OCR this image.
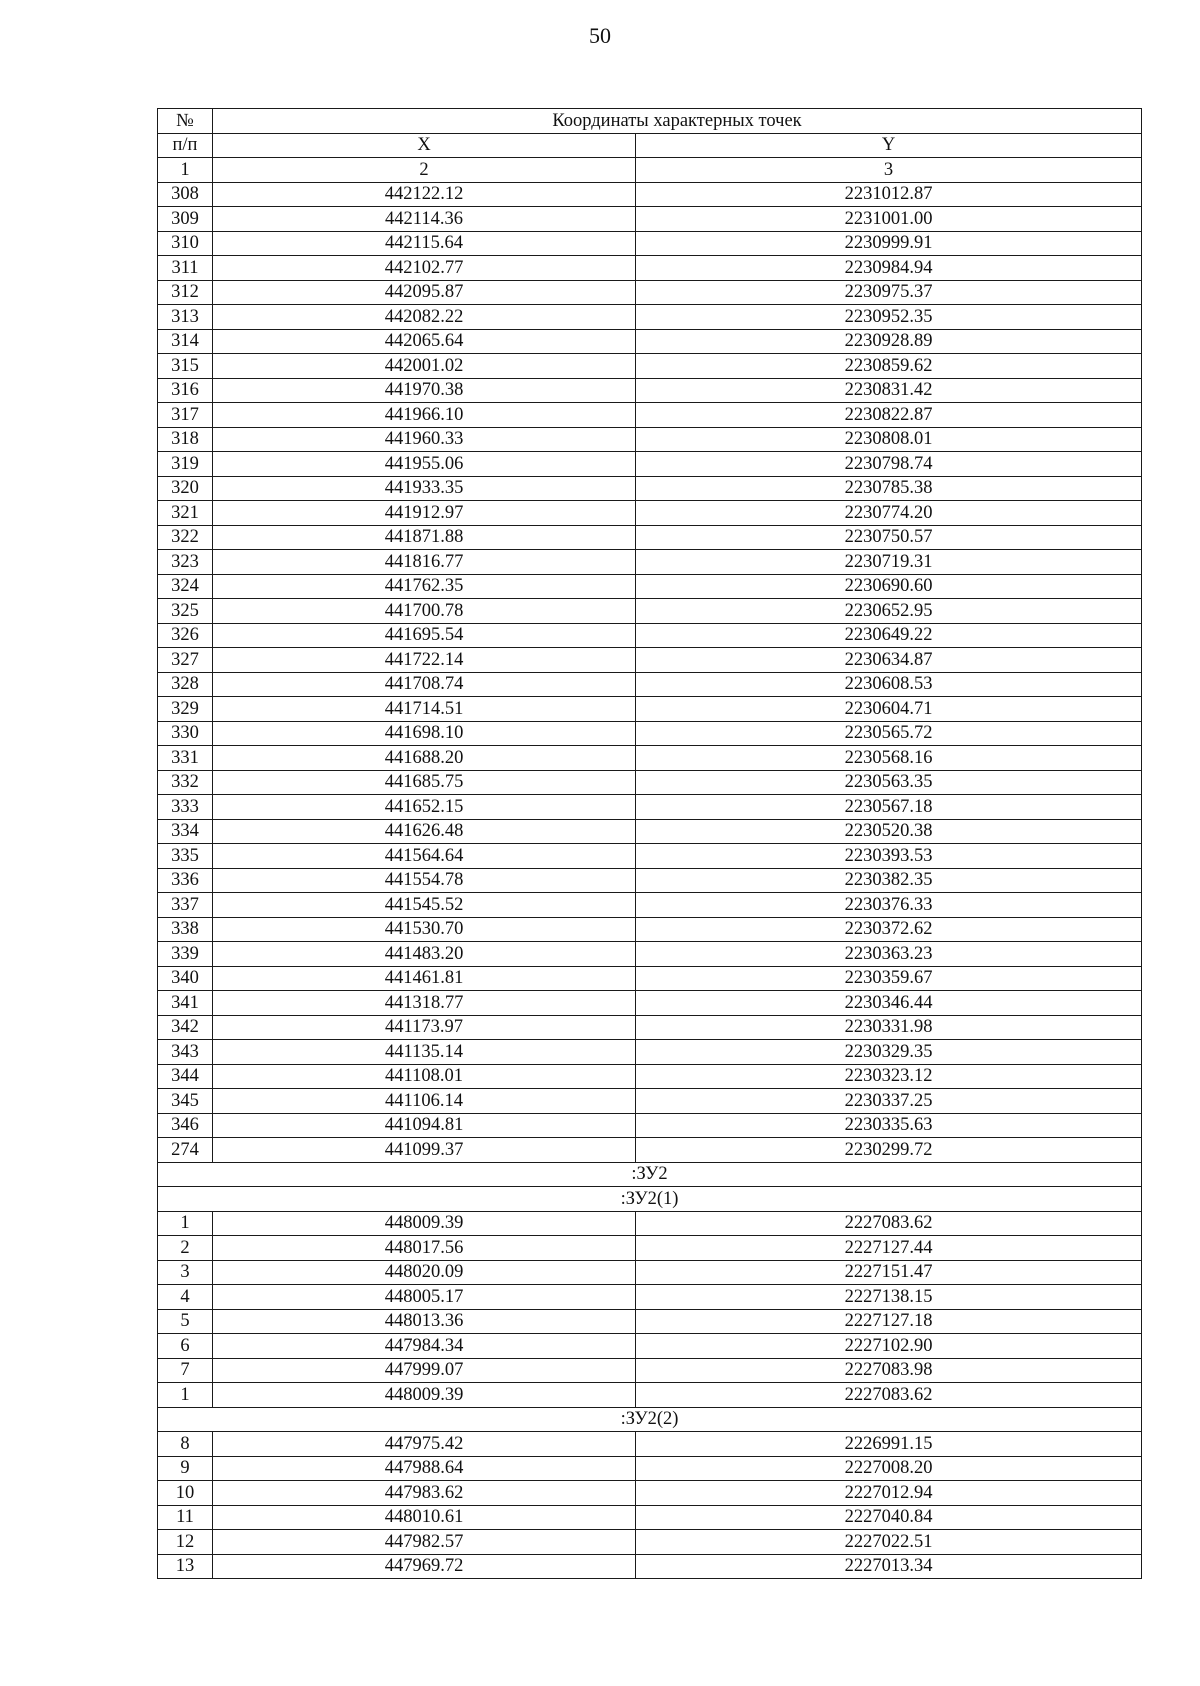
50
№	Координаты характерных точек	
п/п	X	Y
1	2	3
308	442122.12	2231012.87
309	442114.36	2231001.00
310	442115.64	2230999.91
311	442102.77	2230984.94
312	442095.87	2230975.37
313	442082.22	2230952.35
314	442065.64	2230928.89
315	442001.02	2230859.62
316	441970.38	2230831.42
317	441966.10	2230822.87
318	441960.33	2230808.01
319	441955.06	2230798.74
320	441933.35	2230785.38
321	441912.97	2230774.20
322	441871.88	2230750.57
323	441816.77	2230719.31
324	441762.35	2230690.60
325	441700.78	2230652.95
326	441695.54	2230649.22
327	441722.14	2230634.87
328	441708.74	2230608.53
329	441714.51	2230604.71
330	441698.10	2230565.72
331	441688.20	2230568.16
332	441685.75	2230563.35
333	441652.15	2230567.18
334	441626.48	2230520.38
335	441564.64	2230393.53
336	441554.78	2230382.35
337	441545.52	2230376.33
338	441530.70	2230372.62
339	441483.20	2230363.23
340	441461.81	2230359.67
341	441318.77	2230346.44
342	441173.97	2230331.98
343	441135.14	2230329.35
344	441108.01	2230323.12
345	441106.14	2230337.25
346	441094.81	2230335.63
274	441099.37	2230299.72
:ЗУ2		
:ЗУ2(1)		
1	448009.39	2227083.62
2	448017.56	2227127.44
3	448020.09	2227151.47
4	448005.17	2227138.15
5	448013.36	2227127.18
6	447984.34	2227102.90
7	447999.07	2227083.98
1	448009.39	2227083.62
:ЗУ2(2)		
8	447975.42	2226991.15
9	447988.64	2227008.20
10	447983.62	2227012.94
11	448010.61	2227040.84
12	447982.57	2227022.51
13	447969.72	2227013.34
